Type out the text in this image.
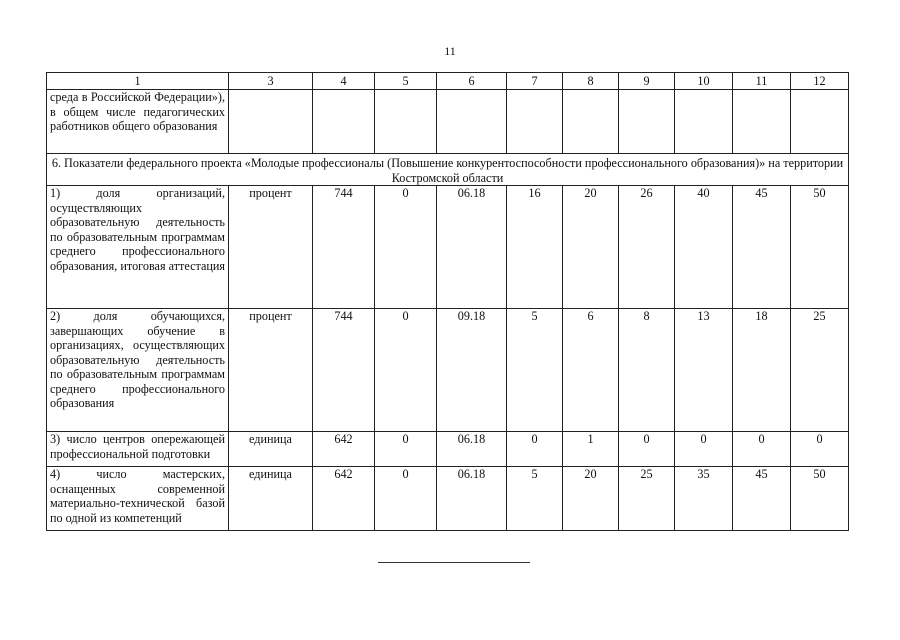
11
1	3	4	5	6	7	8	9	10	11	12
среда в Российской Федерации»), в общем числе педагогических работников общего образования										
6. Показатели федерального проекта «Молодые профессионалы (Повышение конкурентоспособности профессионального образования)» на территории Костромской области										
1) доля организаций, осуществляющих образовательную деятельность по образовательным программам среднего профессионального образования, итоговая аттестация	процент	744	0	06.18	16	20	26	40	45	50
2) доля обучающихся, завершающих обучение в организациях, осуществляющих образовательную деятельность по образовательным программам среднего профессионального образования	процент	744	0	09.18	5	6	8	13	18	25
3) число центров опережающей профессиональной подготовки	единица	642	0	06.18	0	1	0	0	0	0
4) число мастерских, оснащенных современной материально-технической базой по одной из компетенций	единица	642	0	06.18	5	20	25	35	45	50
